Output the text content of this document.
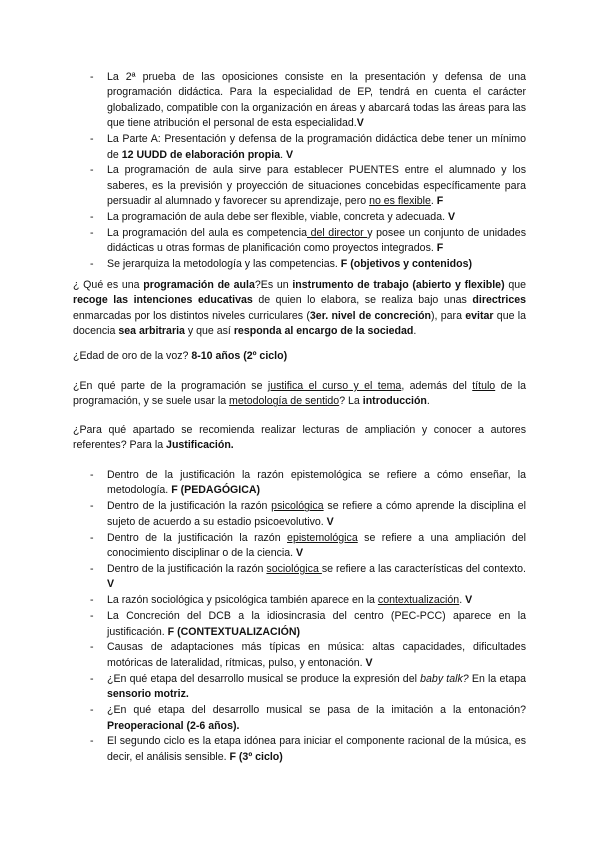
- La 2ª prueba de las oposiciones consiste en la presentación y defensa de una programación didáctica. Para la especialidad de EP, tendrá en cuenta el carácter globalizado, compatible con la organización en áreas y abarcará todas las áreas para las que tiene atribución el personal de esta especialidad.V
- La Parte A: Presentación y defensa de la programación didáctica debe tener un mínimo de 12 UUDD de elaboración propia. V
- La programación de aula sirve para establecer PUENTES entre el alumnado y los saberes, es la previsión y proyección de situaciones concebidas específicamente para persuadir al alumnado y favorecer su aprendizaje, pero no es flexible. F
- La programación de aula debe ser flexible, viable, concreta y adecuada. V
- La programación del aula es competencia del director y posee un conjunto de unidades didácticas u otras formas de planificación como proyectos integrados. F
- Se jerarquiza la metodología y las competencias. F (objetivos y contenidos)

¿ Qué es una programación de aula?Es un instrumento de trabajo (abierto y flexible) que recoge las intenciones educativas de quien lo elabora, se realiza bajo unas directrices enmarcadas por los distintos niveles curriculares (3er. nivel de concreción), para evitar que la docencia sea arbitraria y que así responda al encargo de la sociedad.

¿Edad de oro de la voz? 8-10 años (2º ciclo)

¿En qué parte de la programación se justifica el curso y el tema, además del título de la programación, y se suele usar la metodología de sentido? La introducción.

¿Para qué apartado se recomienda realizar lecturas de ampliación y conocer a autores referentes? Para la Justificación.

- Dentro de la justificación la razón epistemológica se refiere a cómo enseñar, la metodología. F (PEDAGÓGICA)
- Dentro de la justificación la razón psicológica se refiere a cómo aprende la disciplina el sujeto de acuerdo a su estadio psicoevolutivo. V
- Dentro de la justificación la razón epistemológica se refiere a una ampliación del conocimiento disciplinar o de la ciencia. V
- Dentro de la justificación la razón sociológica se refiere a las características del contexto. V
- La razón sociológica y psicológica también aparece en la contextualización. V
- La Concreción del DCB a la idiosincrasia del centro (PEC-PCC) aparece en la justificación. F (CONTEXTUALIZACIÓN)
- Causas de adaptaciones más típicas en música: altas capacidades, dificultades motóricas de lateralidad, rítmicas, pulso, y entonación. V
- ¿En qué etapa del desarrollo musical se produce la expresión del baby talk? En la etapa sensorio motriz.
- ¿En qué etapa del desarrollo musical se pasa de la imitación a la entonación? Preoperacional (2-6 años).
- El segundo ciclo es la etapa idónea para iniciar el componente racional de la música, es decir, el análisis sensible. F (3º ciclo)
